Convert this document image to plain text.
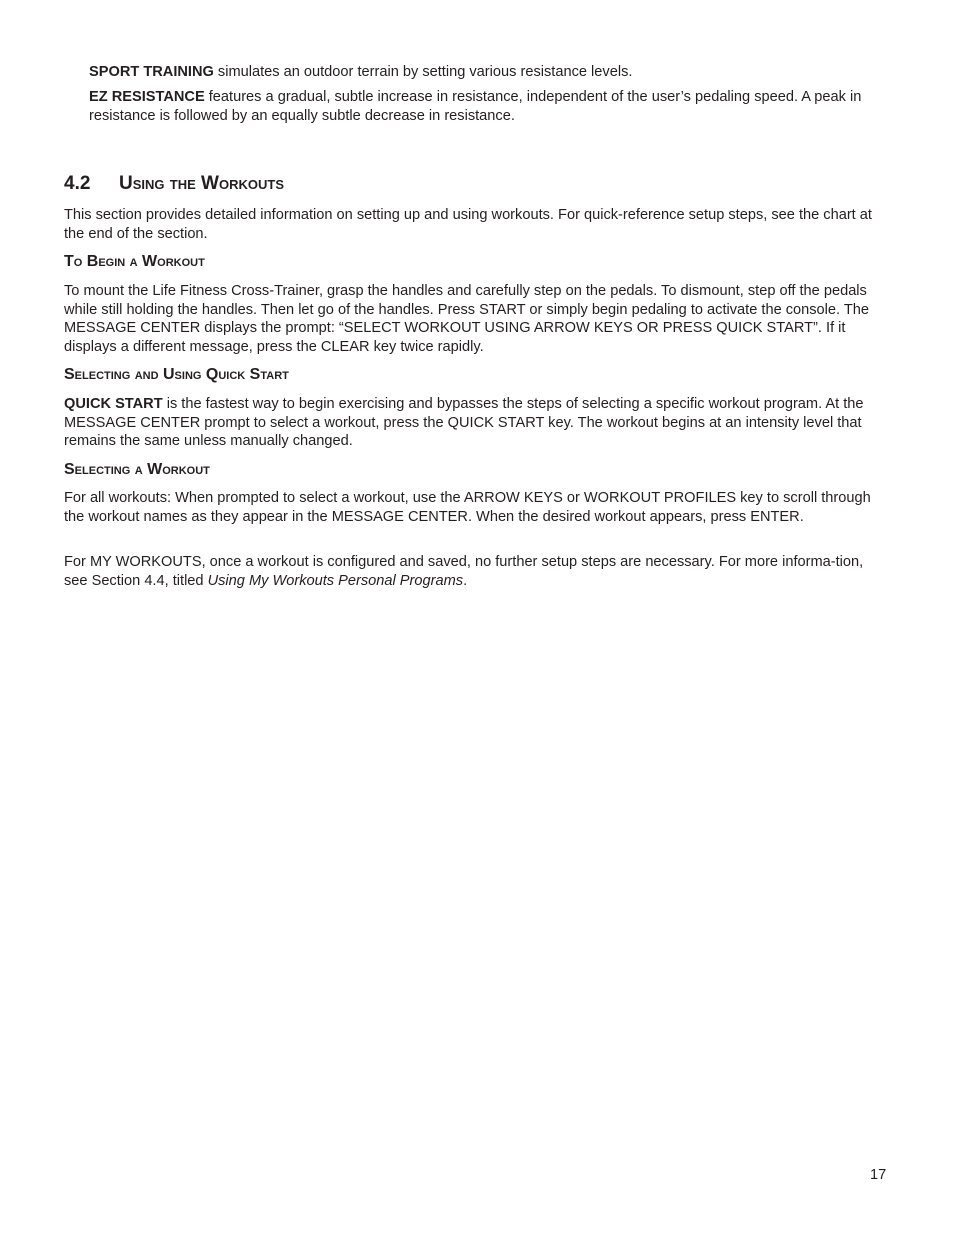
SPORT TRAINING simulates an outdoor terrain by setting various resistance levels.

EZ RESISTANCE features a gradual, subtle increase in resistance, independent of the user’s pedaling speed. A peak in resistance is followed by an equally subtle decrease in resistance.

4.2 Using the Workouts

This section provides detailed information on setting up and using workouts. For quick-reference setup steps, see the chart at the end of the section.

To Begin a Workout

To mount the Life Fitness Cross-Trainer, grasp the handles and carefully step on the pedals. To dismount, step off the pedals while still holding the handles. Then let go of the handles. Press START or simply begin pedaling to activate the console. The MESSAGE CENTER displays the prompt: “SELECT WORKOUT USING ARROW KEYS OR PRESS QUICK START”. If it displays a different message, press the CLEAR key twice rapidly.

Selecting and Using Quick Start

QUICK START is the fastest way to begin exercising and bypasses the steps of selecting a specific workout program. At the MESSAGE CENTER prompt to select a workout, press the QUICK START key. The workout begins at an intensity level that remains the same unless manually changed.

Selecting a Workout

For all workouts: When prompted to select a workout, use the ARROW KEYS or WORKOUT PROFILES key to scroll through the workout names as they appear in the MESSAGE CENTER. When the desired workout appears, press ENTER.

For MY WORKOUTS, once a workout is configured and saved, no further setup steps are necessary. For more informa-tion, see Section 4.4, titled Using My Workouts Personal Programs.

17
